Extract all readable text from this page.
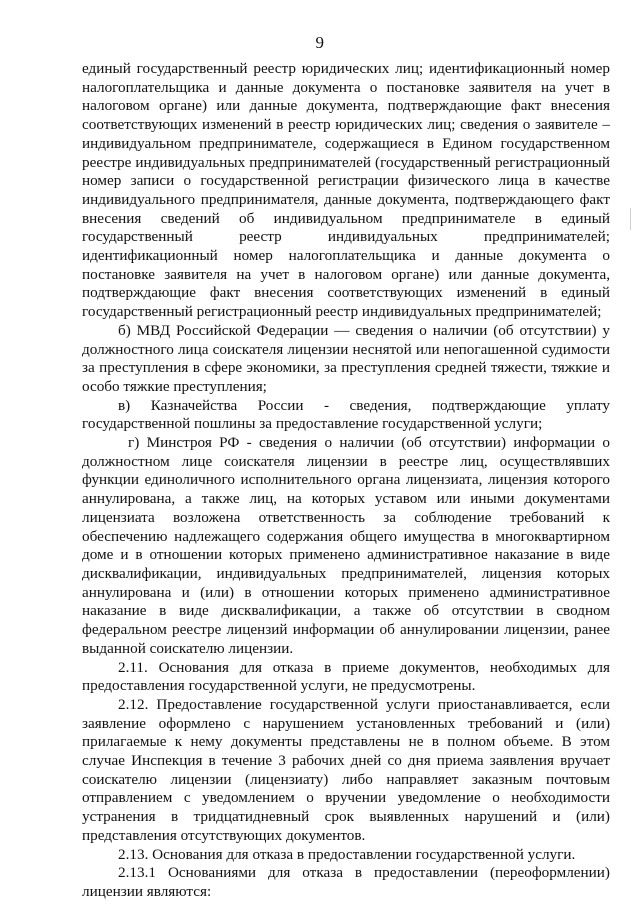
9

единый государственный реестр юридических лиц; идентификационный номер налогоплательщика и данные документа о постановке заявителя на учет в налоговом органе) или данные документа, подтверждающие факт внесения соответствующих изменений в реестр юридических лиц; сведения о заявителе – индивидуальном предпринимателе, содержащиеся в Едином государственном реестре индивидуальных предпринимателей (государственный регистрационный номер записи о государственной регистрации физического лица в качестве индивидуального предпринимателя, данные документа, подтверждающего факт внесения сведений об индивидуальном предпринимателе в единый государственный реестр индивидуальных предпринимателей; идентификационный номер налогоплательщика и данные документа о постановке заявителя на учет в налоговом органе) или данные документа, подтверждающие факт внесения соответствующих изменений в единый государственный регистрационный реестр индивидуальных предпринимателей;

б) МВД Российской Федерации — сведения о наличии (об отсутствии) у должностного лица соискателя лицензии неснятой или непогашенной судимости за преступления в сфере экономики, за преступления средней тяжести, тяжкие и особо тяжкие преступления;

в) Казначейства России - сведения, подтверждающие уплату государственной пошлины за предоставление государственной услуги;

г) Минстроя РФ - сведения о наличии (об отсутствии) информации о должностном лице соискателя лицензии в реестре лиц, осуществлявших функции единоличного исполнительного органа лицензиата, лицензия которого аннулирована, а также лиц, на которых уставом или иными документами лицензиата возложена ответственность за соблюдение требований к обеспечению надлежащего содержания общего имущества в многоквартирном доме и в отношении которых применено административное наказание в виде дисквалификации, индивидуальных предпринимателей, лицензия которых аннулирована и (или) в отношении которых применено административное наказание в виде дисквалификации, а также об отсутствии в сводном федеральном реестре лицензий информации об аннулировании лицензии, ранее выданной соискателю лицензии.

2.11. Основания для отказа в приеме документов, необходимых для предоставления государственной услуги, не предусмотрены.

2.12. Предоставление государственной услуги приостанавливается, если заявление оформлено с нарушением установленных требований и (или) прилагаемые к нему документы представлены не в полном объеме. В этом случае Инспекция в течение 3 рабочих дней со дня приема заявления вручает соискателю лицензии (лицензиату) либо направляет заказным почтовым отправлением с уведомлением о вручении уведомление о необходимости устранения в тридцатидневный срок выявленных нарушений и (или) представления отсутствующих документов.

2.13. Основания для отказа в предоставлении государственной услуги.

2.13.1 Основаниями для отказа в предоставлении (переоформлении) лицензии являются:
